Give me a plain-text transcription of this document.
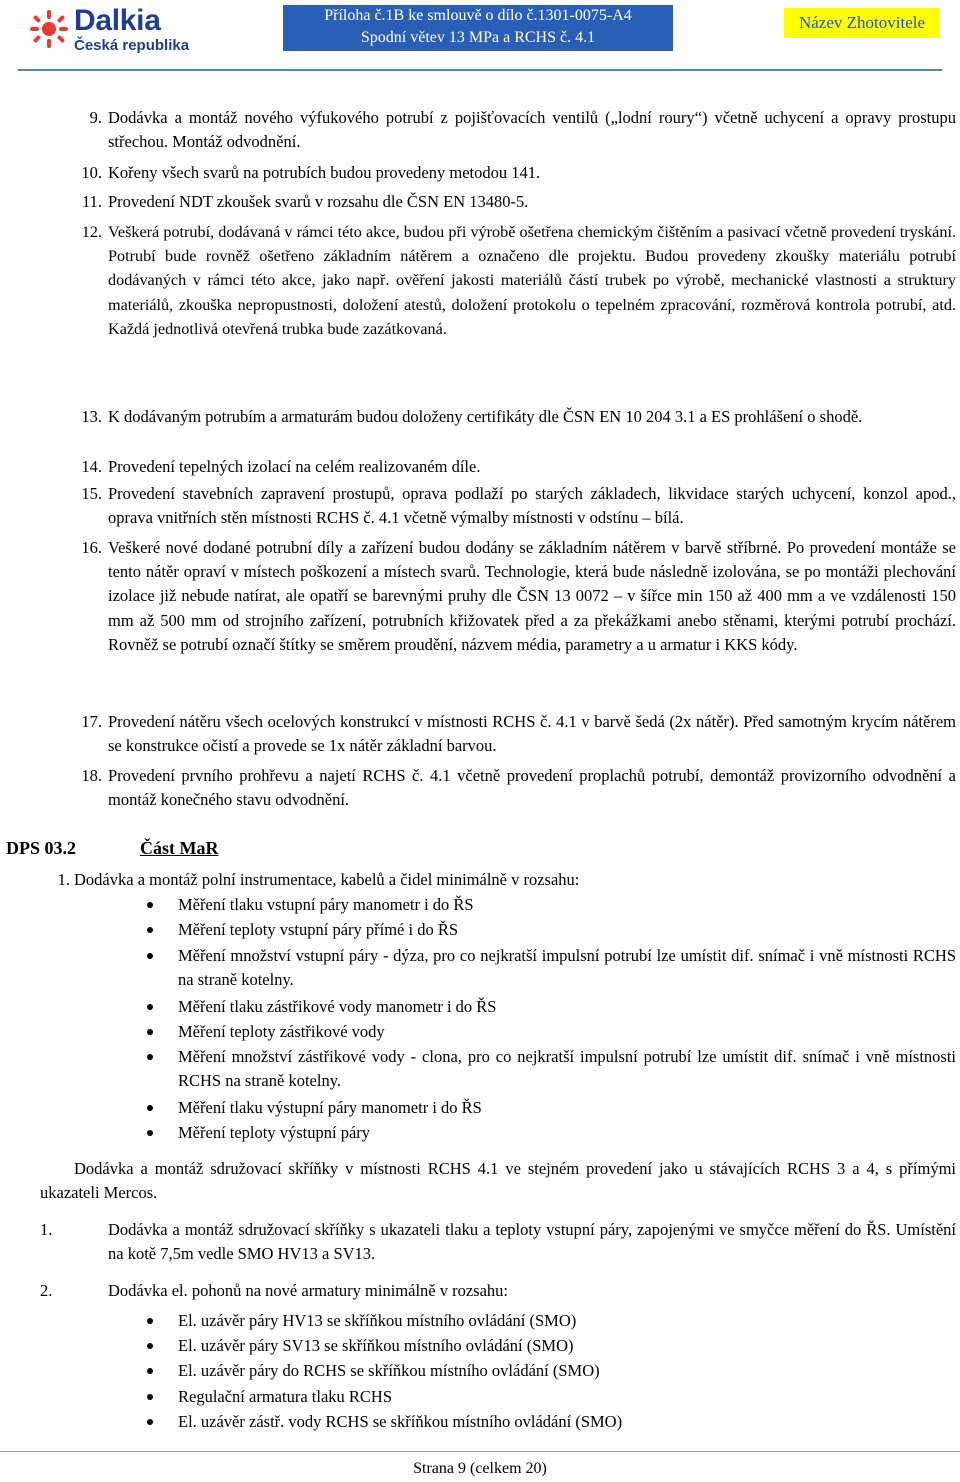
Dalkia
Česká republika
Příloha č.1B ke smlouvě o dílo č.1301-0075-A4
Spodní větev 13 MPa a RCHS č. 4.1
Název Zhotovitele
9. Dodávka a montáž nového výfukového potrubí z pojišťovacích ventilů („lodní roury“) včetně uchycení a opravy prostupu střechou. Montáž odvodnění.
10. Kořeny všech svarů na potrubích budou provedeny metodou 141.
11. Provedení NDT zkoušek svarů v rozsahu dle ČSN EN 13480-5.
12. Veškerá potrubí, dodávaná v rámci této akce, budou při výrobě ošetřena chemickým čištěním a pasivací včetně provedení tryskání. Potrubí bude rovněž ošetřeno základním nátěrem a označeno dle projektu. Budou provedeny zkoušky materiálu potrubí dodávaných v rámci této akce, jako např. ověření jakosti materiálů částí trubek po výrobě, mechanické vlastnosti a struktury materiálů, zkouška nepropustnosti, doložení atestů, doložení protokolu o tepelném zpracování, rozměrová kontrola potrubí, atd. Každá jednotlivá otevřená trubka bude zazátkovaná.
13. K dodávaným potrubím a armaturám budou doloženy certifikáty dle ČSN EN 10 204 3.1 a ES prohlášení o shodě.
14. Provedení tepelných izolací na celém realizovaném díle.
15. Provedení stavebních zapravení prostupů, oprava podlaží po starých základech, likvidace starých uchycení, konzol apod., oprava vnitřních stěn místnosti RCHS č. 4.1 včetně výmalby místnosti v odstínu – bílá.
16. Veškeré nové dodané potrubní díly a zařízení budou dodány se základním nátěrem v barvě stříbrné. Po provedení montáže se tento nátěr opraví v místech poškození a místech svarů. Technologie, která bude následně izolována, se po montáži plechování izolace již nebude natírat, ale opatří se barevnými pruhy dle ČSN 13 0072 – v šířce min 150 až 400 mm a ve vzdálenosti 150 mm až 500 mm od strojního zařízení, potrubních křižovatek před a za překážkami anebo stěnami, kterými potrubí prochází. Rovněž se potrubí označí štítky se směrem proudění, názvem média, parametry a u armatur i KKS kódy.
17. Provedení nátěru všech ocelových konstrukcí v místnosti RCHS č. 4.1 v barvě šedá (2x nátěr). Před samotným krycím nátěrem se konstrukce očistí a provede se 1x nátěr základní barvou.
18. Provedení prvního prohřevu a najetí RCHS č. 4.1 včetně provedení proplachů potrubí, demontáž provizorního odvodnění a montáž konečného stavu odvodnění.
DPS 03.2	Část MaR
1. Dodávka a montáž polní instrumentace, kabelů a čidel minimálně v rozsahu:
Měření tlaku vstupní páry manometr i do ŘS
Měření teploty vstupní páry přímé i do ŘS
Měření množství vstupní páry - dýza, pro co nejkratší impulsní potrubí lze umístit dif. snímač i vně místnosti RCHS na straně kotelny.
Měření tlaku zástřikové vody manometr i do ŘS
Měření teploty zástřikové vody
Měření množství zástřikové vody - clona, pro co nejkratší impulsní potrubí lze umístit dif. snímač i vně místnosti RCHS na straně kotelny.
Měření tlaku výstupní páry manometr i do ŘS
Měření teploty výstupní páry
Dodávka a montáž sdružovací skříňky v místnosti RCHS 4.1 ve stejném provedení jako u stávajících RCHS 3 a 4, s přímými ukazateli Mercos.
1.	Dodávka a montáž sdružovací skříňky s ukazateli tlaku a teploty vstupní páry, zapojenými ve smyčce měření do ŘS. Umístění na kotě 7,5m vedle SMO HV13 a SV13.
2.	Dodávka el. pohonů na nové armatury minimálně v rozsahu:
El. uzávěr páry HV13 se skříňkou místního ovládání (SMO)
El. uzávěr páry SV13 se skříňkou místního ovládání (SMO)
El. uzávěr páry do RCHS se skříňkou místního ovládání (SMO)
Regulační armatura tlaku RCHS
El. uzávěr zástř. vody RCHS se skříňkou místního ovládání (SMO)
Strana 9 (celkem 20)
